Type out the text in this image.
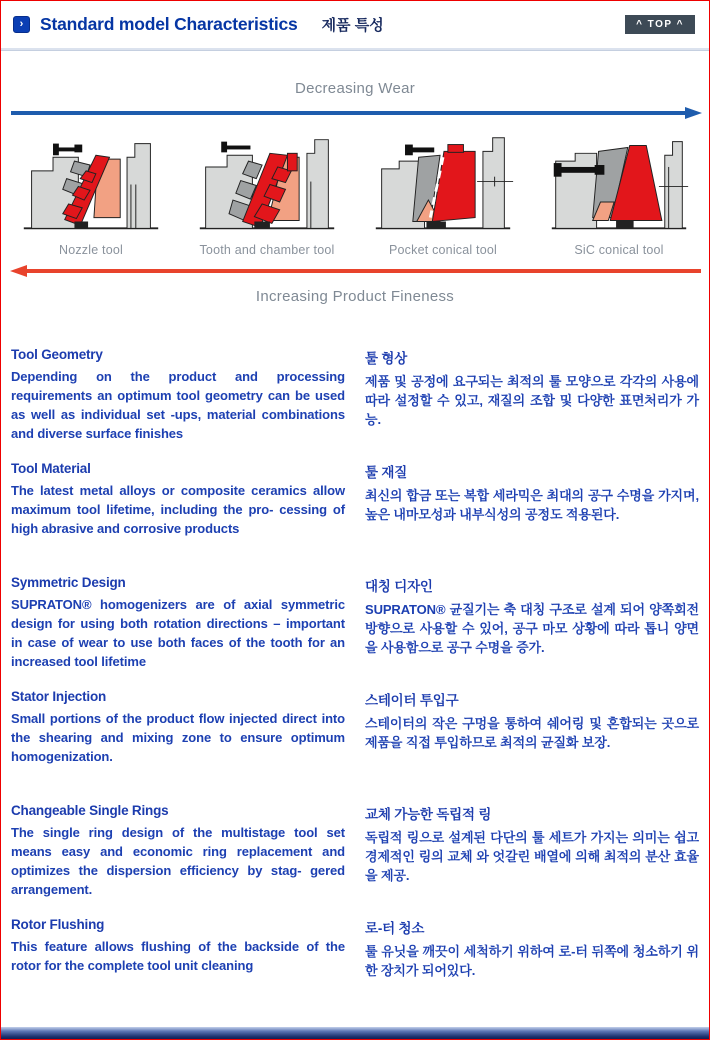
› Standard model Characteristics 제품 특성	^ TOP ^
Decreasing Wear
Nozzle tool	Tooth and chamber tool	Pocket conical tool	SiC conical tool
Increasing Product Fineness
Tool Geometry

Depending on the product and processing requirements an optimum tool geometry can be used as well as individual set -ups, material combinations and diverse surface finishes

툴 형상

제품 및 공정에 요구되는 최적의 툴 모양으로 각각의 사용에 따라 설정할 수 있고, 재질의 조합 및 다양한 표면처리가 가능.

Tool Material

The latest metal alloys or composite ceramics allow maximum tool lifetime, including the pro- cessing of high abrasive and corrosive products

툴 재질

최신의 합금 또는 복합 세라믹은 최대의 공구 수명을 가지며, 높은 내마모성과 내부식성의 공정도 적용된다.

Symmetric Design

SUPRATON® homogenizers are of axial symmetric design for using both rotation directions – important in case of wear to use both faces of the tooth for an increased tool lifetime

대칭 디자인

SUPRATON® 균질기는 축 대칭 구조로 설계 되어 양쪽회전 방향으로 사용할 수 있어, 공구 마모 상황에 따라 톱니 양면을 사용함으로 공구 수명을 증가.

Stator Injection

Small portions of the product flow injected direct into the shearing and mixing zone to ensure optimum homogenization.

스테이터 투입구

스테이터의 작은 구멍을 통하여 쉐어링 및 혼합되는 곳으로 제품을 직접 투입하므로 최적의 균질화 보장.

Changeable Single Rings

The single ring design of the multistage tool set means easy and economic ring replacement and optimizes the dispersion efficiency by stag- gered arrangement.

교체 가능한 독립적 링

독립적 링으로 설계된 다단의 툴 세트가 가지는 의미는 쉽고 경제적인 링의 교체 와 엇갈린 배열에 의해 최적의 분산 효율을 제공.

Rotor Flushing

This feature allows flushing of the backside of the rotor for the complete tool unit cleaning

로-터 청소

툴 유닛을 깨끗이 세척하기 위하여 로-터 뒤쪽에 청소하기 위한 장치가 되어있다.
